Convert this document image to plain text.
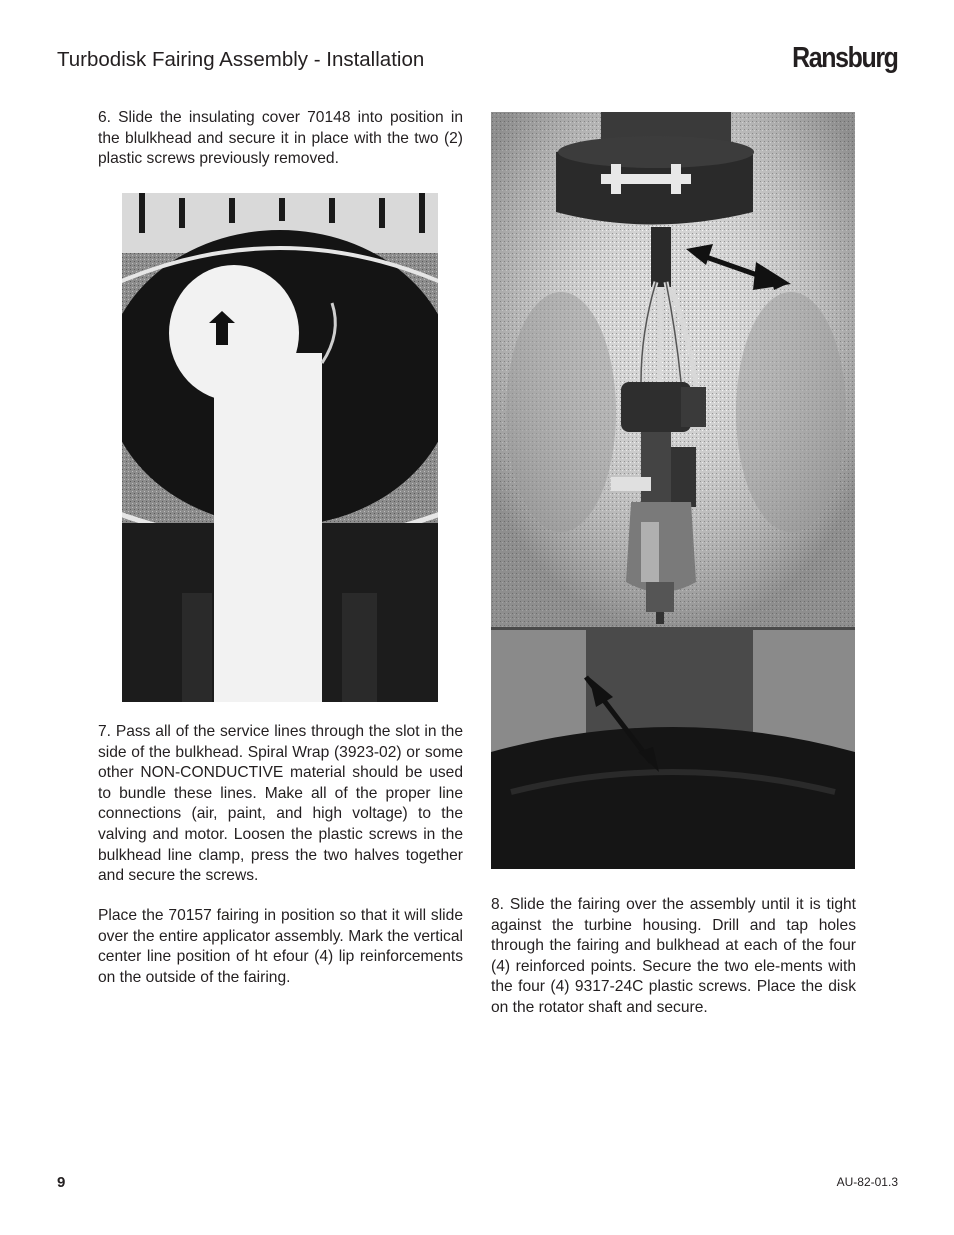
Turbodisk Fairing Assembly - Installation	Ransburg

6. Slide the insulating cover 70148 into position in the blulkhead and secure it in place with the two (2) plastic screws previously removed.

7. Pass all of the service lines through the slot in the side of the bulkhead. Spiral Wrap (3923-02) or some other NON-CONDUCTIVE material should be used to bundle these lines. Make all of the proper line connections (air, paint, and high voltage) to the valving and motor. Loosen the plastic screws in the bulkhead line clamp, press the two halves together and secure the screws.

Place the 70157 fairing in position so that it will slide over the entire applicator assembly. Mark the vertical center line position of ht efour (4) lip reinforcements on the outside of the fairing.

8. Slide the fairing over the assembly until it is tight against the turbine housing. Drill and tap holes through the fairing and bulkhead at each of the four (4) reinforced points. Secure the two ele-ments with the four (4) 9317-24C plastic screws. Place the disk on the rotator shaft and secure.

9	AU-82-01.3
